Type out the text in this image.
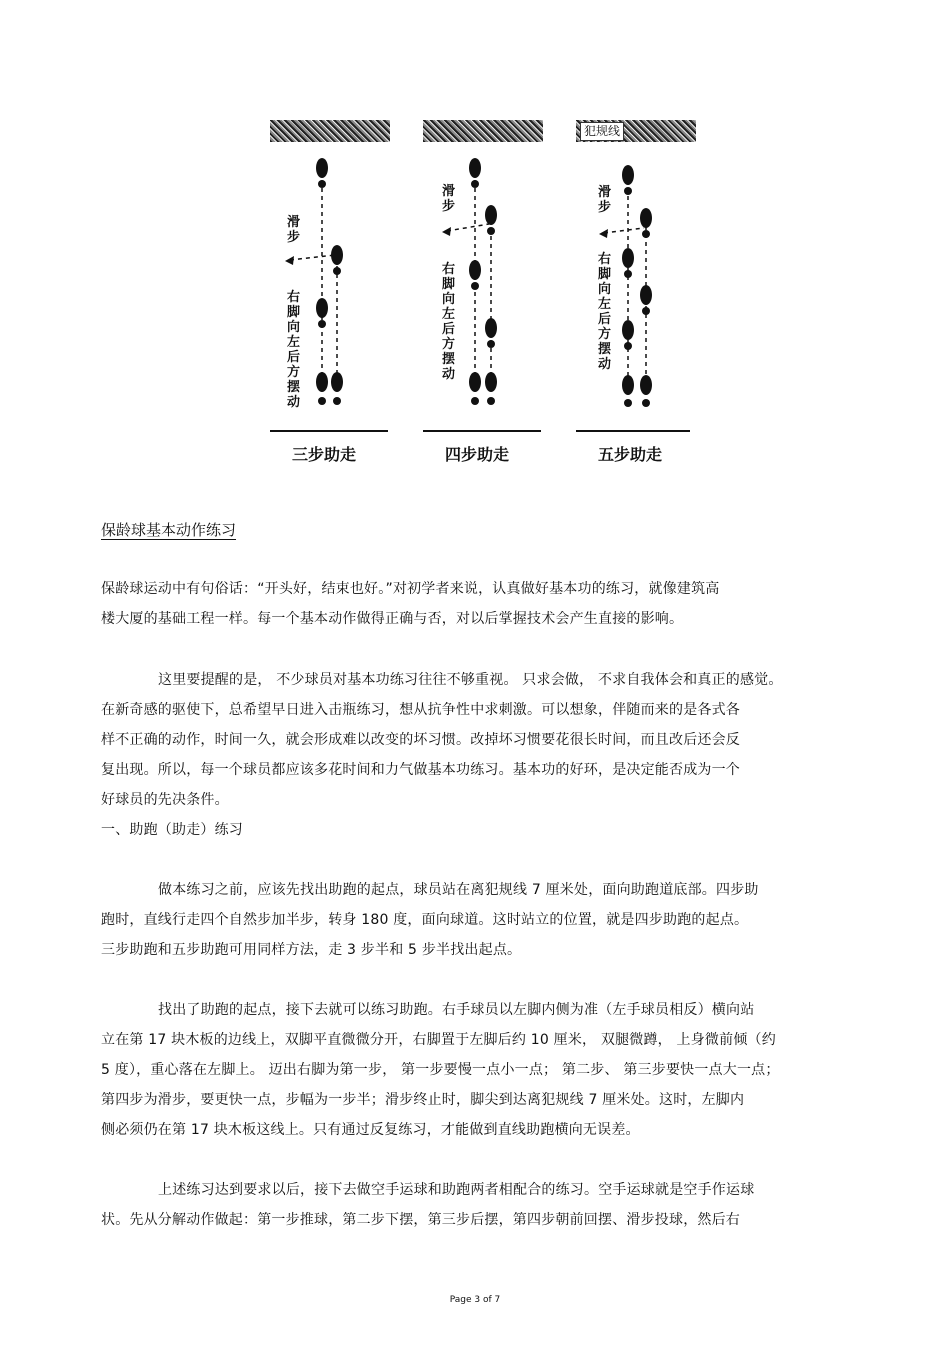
滑步
右脚向左后方摆动
三步助走
滑步
右脚向左后方摆动
四步助走
犯规线
滑步
右脚向左后方摆动
五步助走
保龄球基本动作练习
保龄球运动中有句俗话：“开头好，结束也好。”对初学者来说，认真做好基本功的练习，就像建筑高
楼大厦的基础工程一样。每一个基本动作做得正确与否，对以后掌握技术会产生直接的影响。
这里要提醒的是， 不少球员对基本功练习往往不够重视。 只求会做， 不求自我体会和真正的感觉。
在新奇感的驱使下，总希望早日进入击瓶练习，想从抗争性中求刺激。可以想象，伴随而来的是各式各
样不正确的动作，时间一久，就会形成难以改变的坏习惯。改掉坏习惯要花很长时间，而且改后还会反
复出现。所以，每一个球员都应该多花时间和力气做基本功练习。基本功的好环，是决定能否成为一个
好球员的先决条件。
一、助跑（助走）练习
做本练习之前，应该先找出助跑的起点，球员站在离犯规线 7 厘米处，面向助跑道底部。四步助
跑时，直线行走四个自然步加半步，转身 180 度，面向球道。这时站立的位置，就是四步助跑的起点。
三步助跑和五步助跑可用同样方法，走 3 步半和 5 步半找出起点。
找出了助跑的起点，接下去就可以练习助跑。右手球员以左脚内侧为准（左手球员相反）横向站
立在第 17 块木板的边线上，双脚平直微微分开，右脚置于左脚后约 10 厘米， 双腿微蹲， 上身微前倾（约
5 度），重心落在左脚上。 迈出右脚为第一步， 第一步要慢一点小一点； 第二步、 第三步要快一点大一点；
第四步为滑步，要更快一点，步幅为一步半；滑步终止时，脚尖到达离犯规线 7 厘米处。这时，左脚内
侧必须仍在第 17 块木板这线上。只有通过反复练习，才能做到直线助跑横向无误差。
上述练习达到要求以后，接下去做空手运球和助跑两者相配合的练习。空手运球就是空手作运球
状。先从分解动作做起：第一步推球，第二步下摆，第三步后摆，第四步朝前回摆、滑步投球，然后右
Page 3 of 7
